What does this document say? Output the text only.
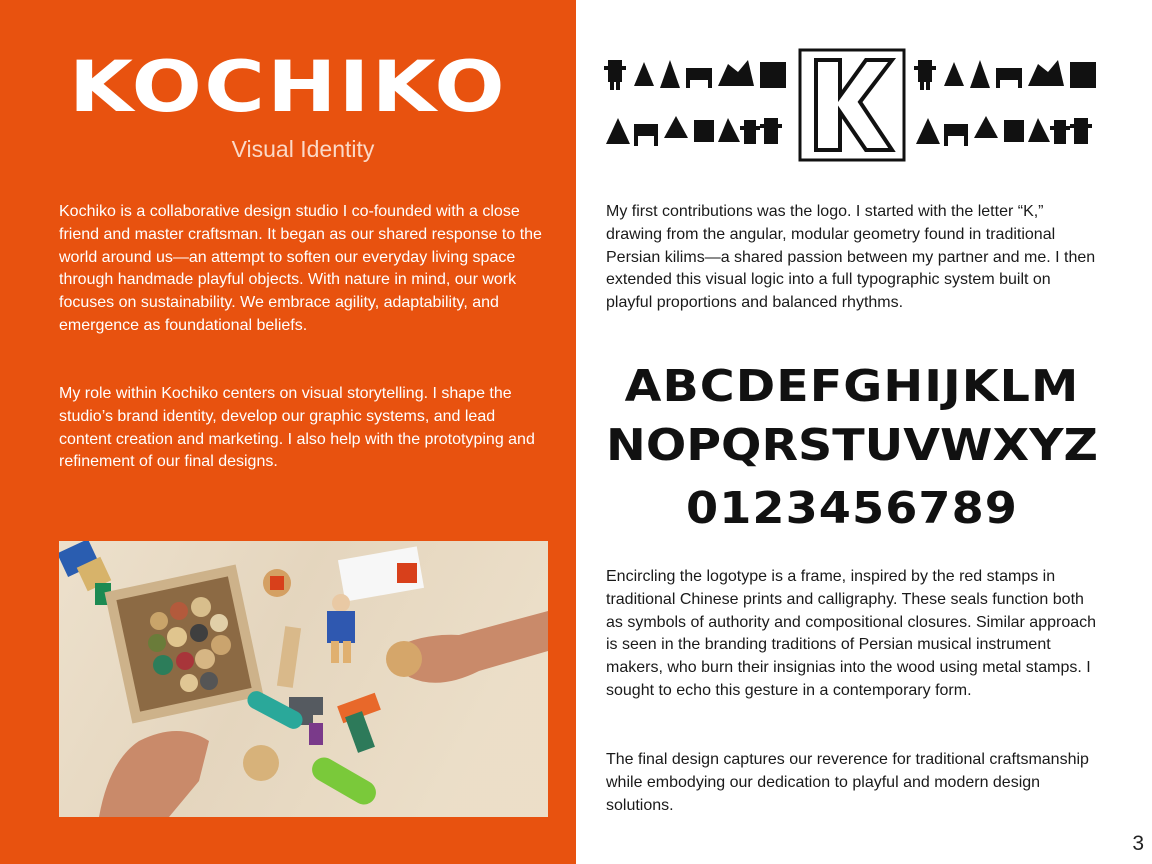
KOCHIKO
Visual Identity

Kochiko is a collaborative design studio I co-founded with a close friend and master craftsman. It began as our shared response to the world around us—an attempt to soften our everyday living space through handmade playful objects. With nature in mind, our work focuses on sustainability. We embrace agility, adaptability, and emergence as foundational beliefs.

My role within Kochiko centers on visual storytelling. I shape the studio’s brand identity, develop our graphic systems, and lead content creation and marketing. I also help with the prototyping and refinement of our final designs.

My first contributions was the logo. I started with the letter “K,” drawing from the angular, modular geometry found in traditional Persian kilims—a shared passion between my partner and me. I then extended this visual logic into a full typographic system built on playful proportions and balanced rhythms.

ABCDEFGHIJKLM
NOPQRSTUVWXYZ
0123456789

Encircling the logotype is a frame, inspired by the red stamps in traditional Chinese prints and calligraphy. These seals function both as symbols of authority and compositional closures. Similar approach is seen in the branding traditions of Persian musical instrument makers, who burn their insignias into the wood using metal stamps. I sought to echo this gesture in a contemporary form.

The final design captures our reverence for traditional craftsmanship while embodying our dedication to playful and modern design solutions.

3
